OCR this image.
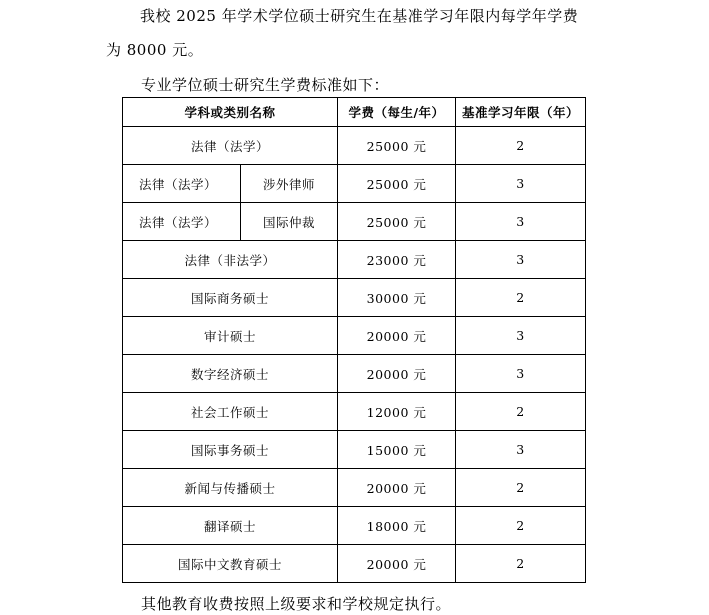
我校 2025 年学术学位硕士研究生在基准学习年限内每学年学费
为 8000 元。
专业学位硕士研究生学费标准如下：
学科或类别名称		学费（每生/年）	基准学习年限（年）
法律（法学）		25000 元	2
法律（法学）	涉外律师	25000 元	3
法律（法学）	国际仲裁	25000 元	3
法律（非法学）		23000 元	3
国际商务硕士		30000 元	2
审计硕士		20000 元	3
数字经济硕士		20000 元	3
社会工作硕士		12000 元	2
国际事务硕士		15000 元	3
新闻与传播硕士		20000 元	2
翻译硕士		18000 元	2
国际中文教育硕士		20000 元	2
其他教育收费按照上级要求和学校规定执行。
